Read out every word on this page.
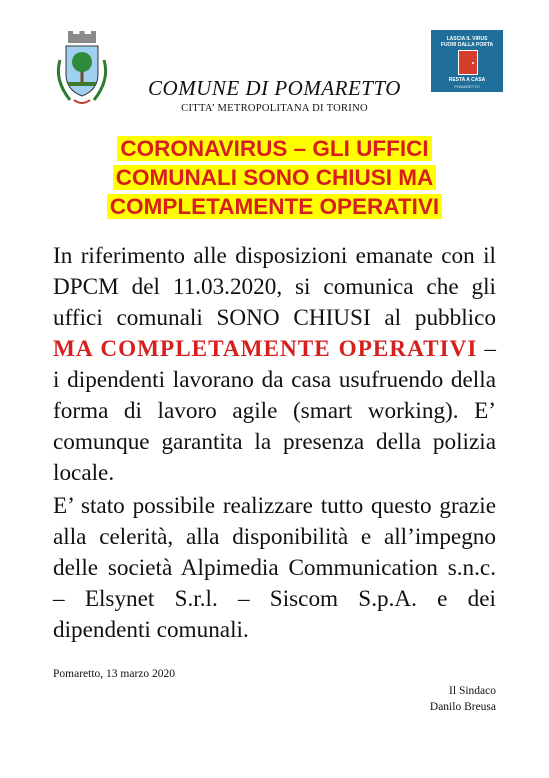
LASCIA IL VIRUS
FUORI DALLA PORTA
RESTA A CASA
POMARETTO
COMUNE DI POMARETTO
CITTA’ METROPOLITANA DI TORINO
CORONAVIRUS – GLI UFFICI
COMUNALI SONO CHIUSI MA
COMPLETAMENTE OPERATIVI
In riferimento alle disposizioni emanate con il DPCM del 11.03.2020, si comunica che gli uffici comunali SONO CHIUSI al pubblico MA COMPLETAMENTE OPERATIVI – i dipendenti lavorano da casa usufruendo della forma di lavoro agile (smart working). E’ comunque garantita la presenza della polizia locale.
E’ stato possibile realizzare tutto questo grazie alla celerità, alla disponibilità e all’impegno delle società Alpimedia Communication s.n.c. – Elsynet S.r.l. – Siscom S.p.A. e dei dipendenti comunali.
Pomaretto, 13 marzo 2020
Il Sindaco
Danilo Breusa
